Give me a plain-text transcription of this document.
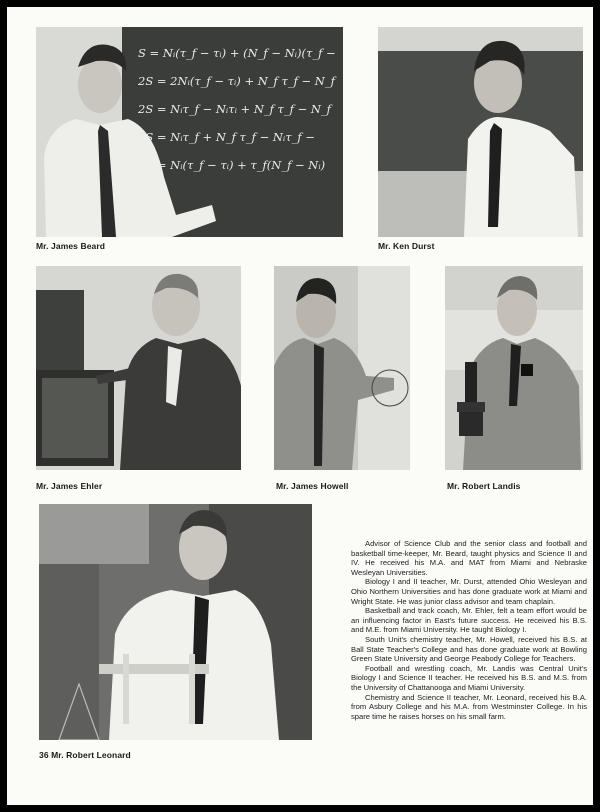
S = Nᵢ(τ_f − τᵢ) + (N_f − Nᵢ)(τ_f −
2S = 2Nᵢ(τ_f − τᵢ) + N_f τ_f − N_f
2S = Nᵢτ_f − Nᵢτᵢ + N_f τ_f − N_f
2S = Nᵢτ_f + N_f τ_f − Nᵢτ_f −
2S = Nᵢ(τ_f − τᵢ) + τ_f(N_f − Nᵢ)
Mr. James Beard	Mr. Ken Durst
Mr. James Ehler	Mr. James Howell	Mr. Robert Landis
36 Mr. Robert Leonard

Advisor of Science Club and the senior class and football and basketball time-keeper, Mr. Beard, taught physics and Science II and IV. He received his M.A. and MAT from Miami and Nebraske Wesleyan Universities.

Biology I and II teacher, Mr. Durst, attended Ohio Wesleyan and Ohio Northern Universities and has done graduate work at Miami and Wright State. He was junior class advisor and team chaplain.

Basketball and track coach, Mr. Ehler, felt a team effort would be an influencing factor in East's future success. He received his B.S. and M.E. from Miami University. He taught Biology I.

South Unit's chemistry teacher, Mr. Howell, received his B.S. at Ball State Teacher's College and has done graduate work at Bowling Green State University and George Peabody College for Teachers.

Football and wrestling coach, Mr. Landis was Central Unit's Biology I and Science II teacher. He received his B.S. and M.S. from the University of Chattanooga and Miami University.

Chemistry and Science II teacher, Mr. Leonard, received his B.A. from Asbury College and his M.A. from Westminster College. In his spare time he raises horses on his small farm.
